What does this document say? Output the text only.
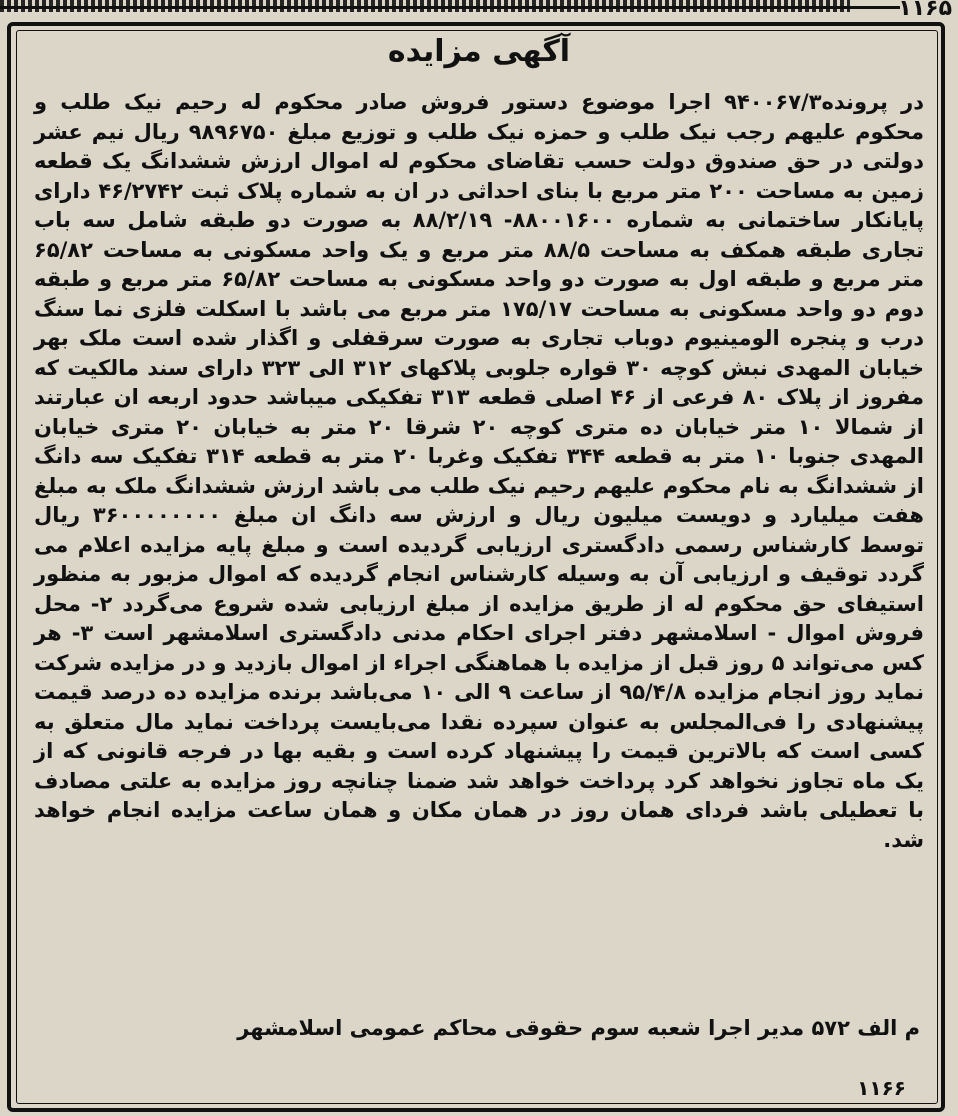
۱۱۶۵
آگهی مزایده
در پرونده۹۴۰۰۶۷/۳ اجرا موضوع دستور فروش صادر محکوم له رحیم نیک طلب و محکوم علیهم رجب نیک طلب و حمزه نیک طلب و توزیع مبلغ ۹۸۹۶۷۵۰ ریال نیم عشر دولتی در حق صندوق دولت حسب تقاضای محکوم له اموال ارزش ششدانگ یک قطعه زمین به مساحت ۲۰۰ متر مربع با بنای احداثی در ان به شماره پلاک ثبت ۴۶/۲۷۴۲ دارای پایانکار ساختمانی به شماره ۸۸۰۰۱۶۰۰- ۸۸/۲/۱۹ به صورت دو طبقه شامل سه باب تجاری طبقه همکف به مساحت ۸۸/۵ متر مربع و یک واحد مسکونی به مساحت ۶۵/۸۲ متر مربع و طبقه اول به صورت دو واحد مسکونی به مساحت ۶۵/۸۲ متر مربع و طبقه دوم دو واحد مسکونی به مساحت ۱۷۵/۱۷ متر مربع می باشد با اسکلت فلزی نما سنگ درب و پنجره الومینیوم دوباب تجاری به صورت سرقفلی و اگذار شده است ملک بهر خیابان المهدی نبش کوچه ۳۰ قواره جلوبی پلاکهای ۳۱۲ الی ۳۲۳ دارای سند مالکیت که مفروز از پلاک ۸۰ فرعی از ۴۶ اصلی قطعه ۳۱۳ تفکیکی میباشد حدود اربعه ان عبارتند از شمالا ۱۰ متر خیابان ده متری کوچه ۲۰ شرقا ۲۰ متر به خیابان ۲۰ متری خیابان المهدی جنوبا ۱۰ متر به قطعه ۳۴۴ تفکیک وغربا ۲۰ متر به قطعه ۳۱۴ تفکیک سه دانگ از ششدانگ به نام محکوم علیهم رحیم نیک طلب می باشد ارزش ششدانگ ملک به مبلغ هفت میلیارد و دویست میلیون ریال و ارزش سه دانگ ان مبلغ ۳۶۰۰۰۰۰۰۰۰ ریال توسط کارشناس رسمی دادگستری ارزیابی گردیده است و مبلغ پایه مزایده اعلام می گردد توقیف و ارزیابی آن به وسیله کارشناس انجام گردیده که اموال مزبور به منظور استیفای حق محکوم له از طریق مزایده از مبلغ ارزیابی شده شروع می‌گردد ۲- محل فروش اموال - اسلامشهر دفتر اجرای احکام مدنی دادگستری اسلامشهر است ۳- هر کس می‌تواند ۵ روز قبل از مزایده با هماهنگی اجراء از اموال بازدید و در مزایده شرکت نماید روز انجام مزایده ۹۵/۴/۸ از ساعت ۹ الی ۱۰ می‌باشد برنده مزایده ده درصد قیمت پیشنهادی را فی‌المجلس به عنوان سپرده نقدا می‌بایست پرداخت نماید مال متعلق به کسی است که بالاترین قیمت را پیشنهاد کرده است و بقیه بها در فرجه قانونی که از یک ماه تجاوز نخواهد کرد پرداخت خواهد شد ضمنا چنانچه روز مزایده به علتی مصادف با تعطیلی باشد فردای همان روز در همان مکان و همان ساعت مزایده انجام خواهد شد.
م الف ۵۷۲ مدیر اجرا شعبه سوم حقوقی محاکم عمومی اسلامشهر
۱۱۶۶
